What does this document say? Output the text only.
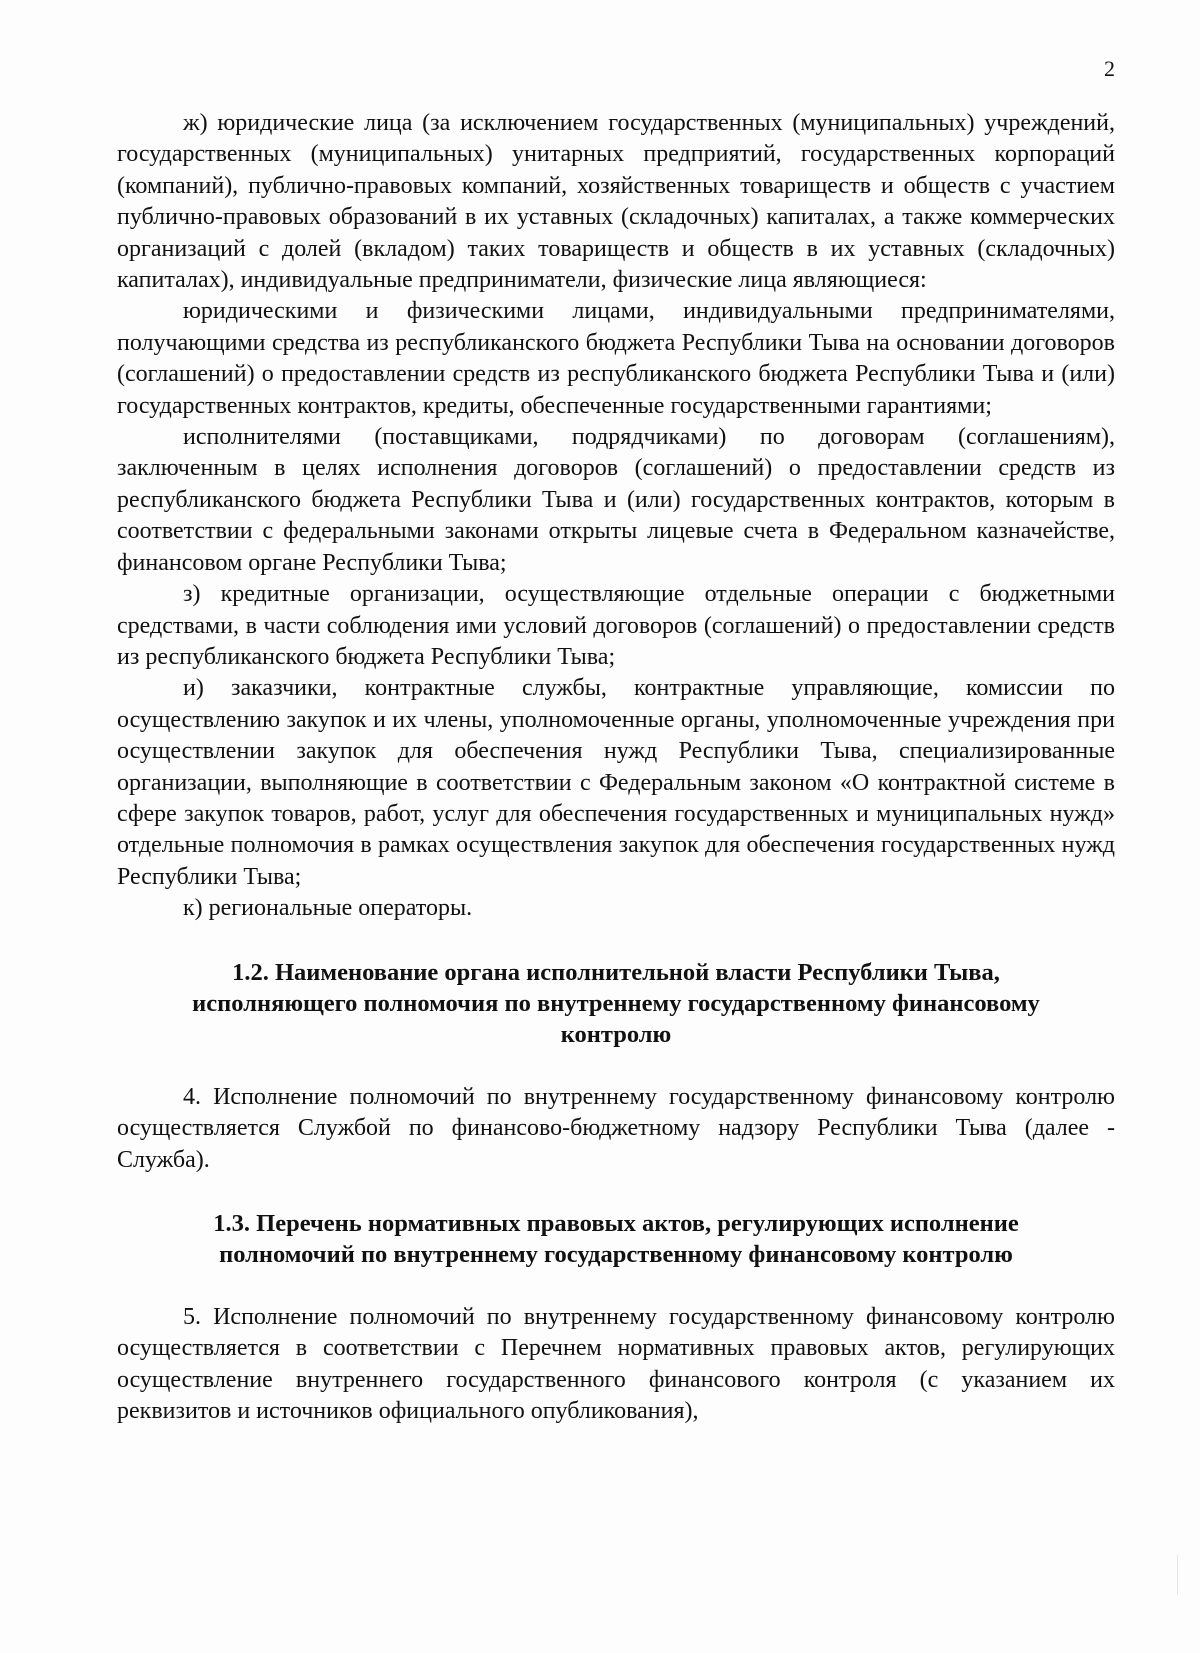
2

ж) юридические лица (за исключением государственных (муниципальных) учреждений, государственных (муниципальных) унитарных предприятий, государственных корпораций (компаний), публично-правовых компаний, хозяйственных товариществ и обществ с участием публично-правовых образований в их уставных (складочных) капиталах, а также коммерческих организаций с долей (вкладом) таких товариществ и обществ в их уставных (складочных) капиталах), индивидуальные предприниматели, физические лица являющиеся:

юридическими и физическими лицами, индивидуальными предпринимателями, получающими средства из республиканского бюджета Республики Тыва на основании договоров (соглашений) о предоставлении средств из республиканского бюджета Республики Тыва и (или) государственных контрактов, кредиты, обеспеченные государственными гарантиями;

исполнителями (поставщиками, подрядчиками) по договорам (соглашениям), заключенным в целях исполнения договоров (соглашений) о предоставлении средств из республиканского бюджета Республики Тыва и (или) государственных контрактов, которым в соответствии с федеральными законами открыты лицевые счета в Федеральном казначействе, финансовом органе Республики Тыва;

з) кредитные организации, осуществляющие отдельные операции с бюджетными средствами, в части соблюдения ими условий договоров (соглашений) о предоставлении средств из республиканского бюджета Республики Тыва;

и) заказчики, контрактные службы, контрактные управляющие, комиссии по осуществлению закупок и их члены, уполномоченные органы, уполномоченные учреждения при осуществлении закупок для обеспечения нужд Республики Тыва, специализированные организации, выполняющие в соответствии с Федеральным законом «О контрактной системе в сфере закупок товаров, работ, услуг для обеспечения государственных и муниципальных нужд» отдельные полномочия в рамках осуществления закупок для обеспечения государственных нужд Республики Тыва;

к) региональные операторы.

1.2. Наименование органа исполнительной власти Республики Тыва,

исполняющего полномочия по внутреннему государственному финансовому

контролю

4. Исполнение полномочий по внутреннему государственному финансовому контролю осуществляется Службой по финансово-бюджетному надзору Республики Тыва (далее - Служба).

1.3. Перечень нормативных правовых актов, регулирующих исполнение

полномочий по внутреннему государственному финансовому контролю

5. Исполнение полномочий по внутреннему государственному финансовому контролю осуществляется в соответствии с Перечнем нормативных правовых актов, регулирующих осуществление внутреннего государственного финансового контроля (с указанием их реквизитов и источников официального опубликования),
